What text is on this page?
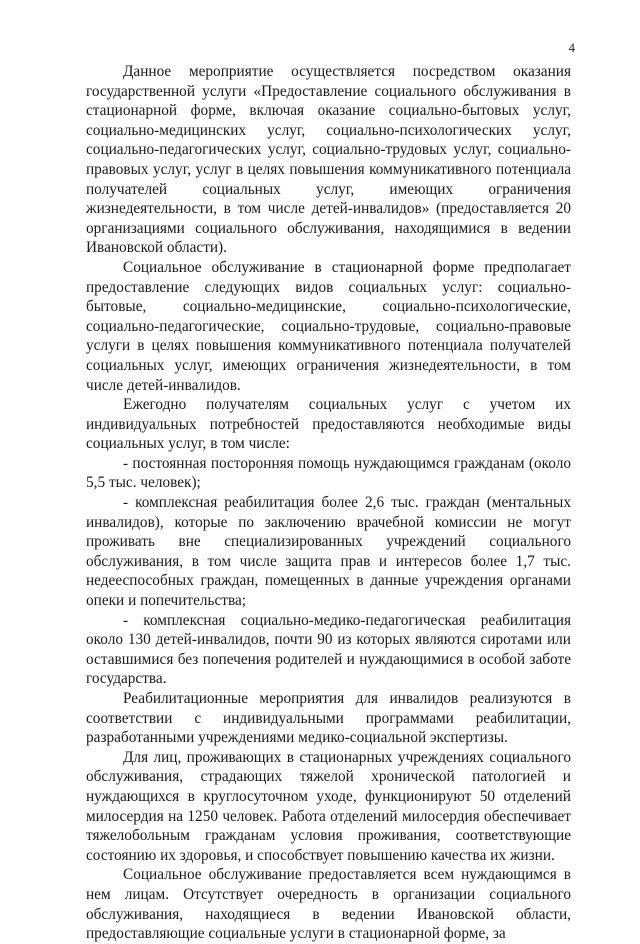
4

Данное мероприятие осуществляется посредством оказания государственной услуги «Предоставление социального обслуживания в стационарной форме, включая оказание социально-бытовых услуг, социально-медицинских услуг, социально-психологических услуг, социально-педагогических услуг, социально-трудовых услуг, социально-правовых услуг, услуг в целях повышения коммуникативного потенциала получателей социальных услуг, имеющих ограничения жизнедеятельности, в том числе детей-инвалидов» (предоставляется 20 организациями социального обслуживания, находящимися в ведении Ивановской области).

Социальное обслуживание в стационарной форме предполагает предоставление следующих видов социальных услуг: социально-бытовые, социально-медицинские, социально-психологические, социально-педагогические, социально-трудовые, социально-правовые услуги в целях повышения коммуникативного потенциала получателей социальных услуг, имеющих ограничения жизнедеятельности, в том числе детей-инвалидов.

Ежегодно получателям социальных услуг с учетом их индивидуальных потребностей предоставляются необходимые виды социальных услуг, в том числе:

- постоянная посторонняя помощь нуждающимся гражданам (около 5,5 тыс. человек);

- комплексная реабилитация более 2,6 тыс. граждан (ментальных инвалидов), которые по заключению врачебной комиссии не могут проживать вне специализированных учреждений социального обслуживания, в том числе защита прав и интересов более 1,7 тыс. недееспособных граждан, помещенных в данные учреждения органами опеки и попечительства;

- комплексная социально-медико-педагогическая реабилитация около 130 детей-инвалидов, почти 90 из которых являются сиротами или оставшимися без попечения родителей и нуждающимися в особой заботе государства.

Реабилитационные мероприятия для инвалидов реализуются в соответствии с индивидуальными программами реабилитации, разработанными учреждениями медико-социальной экспертизы.

Для лиц, проживающих в стационарных учреждениях социального обслуживания, страдающих тяжелой хронической патологией и нуждающихся в круглосуточном уходе, функционируют 50 отделений милосердия на 1250 человек. Работа отделений милосердия обеспечивает тяжелобольным гражданам условия проживания, соответствующие состоянию их здоровья, и способствует повышению качества их жизни.

Социальное обслуживание предоставляется всем нуждающимся в нем лицам. Отсутствует очередность в организации социального обслуживания, находящиеся в ведении Ивановской области, предоставляющие социальные услуги в стационарной форме, за
